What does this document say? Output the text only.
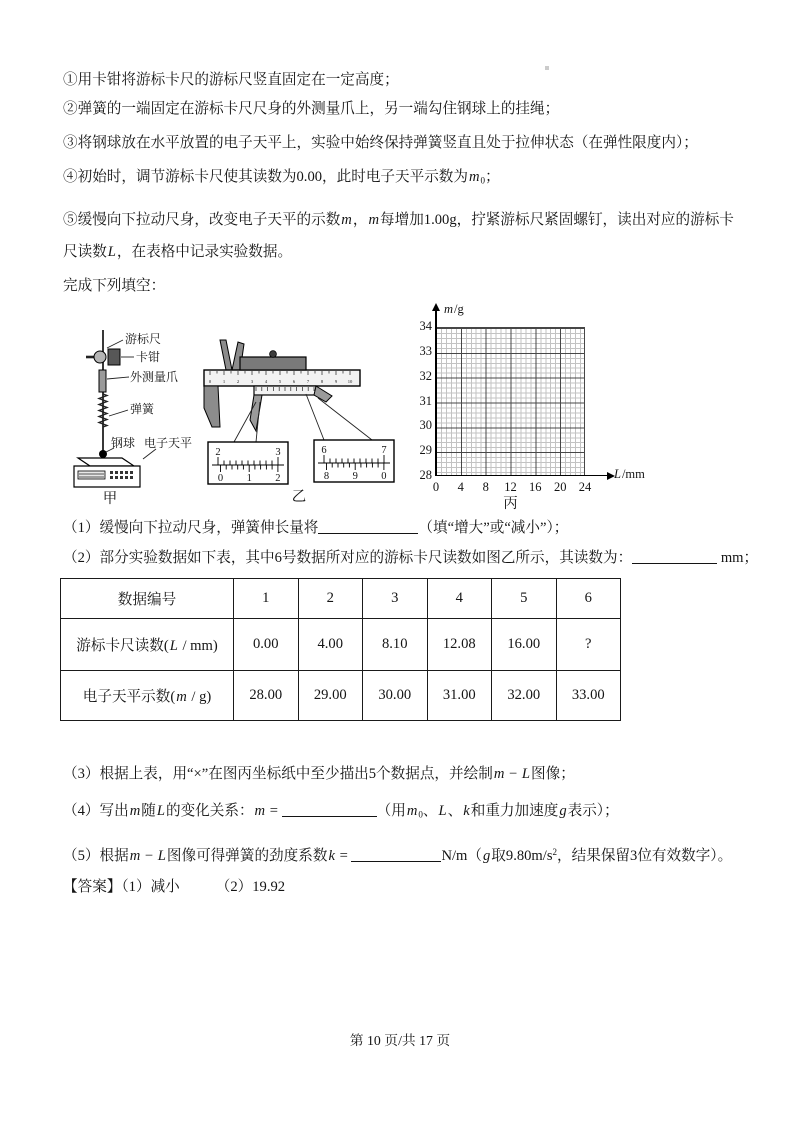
①用卡钳将游标卡尺的游标尺竖直固定在一定高度；
②弹簧的一端固定在游标卡尺尺身的外测量爪上，另一端勾住钢球上的挂绳；
③将钢球放在水平放置的电子天平上，实验中始终保持弹簧竖直且处于拉伸状态（在弹性限度内）；
④初始时，调节游标卡尺使其读数为0.00，此时电子天平示数为$m_0$；
⑤缓慢向下拉动尺身，改变电子天平的示数m，m每增加1.00g，拧紧游标尺紧固螺钉，读出对应的游标卡
尺读数L，在表格中记录实验数据。
完成下列填空：
游标尺
卡钳
外测量爪
弹簧
钢球 电子天平
甲
0	1	2	3	4	5	6	7	8	9 10
2	3
0 1 2
6	7
8 9 0
乙
m/g
L/mm
34
33
32
31
30
29
28
0	4	8	12 16 20 24
丙
（1）缓慢向下拉动尺身，弹簧伸长量将	（填“增大”或“减小”）；
（2）部分实验数据如下表，其中6号数据所对应的游标卡尺读数如图乙所示，其读数为：	mm；
数据编号	1	2	3	4	5	6
游标卡尺读数(L / mm)	0.00	4.00	8.10	12.08	16.00	?
电子天平示数(m / g)	28.00	29.00	30.00	31.00	32.00	33.00
（3）根据上表，用“×”在图丙坐标纸中至少描出5个数据点，并绘制m − L图像；
（4）写出m随L的变化关系：m =	（用$m_0$、L、k和重力加速度g表示）；
（5）根据m − L图像可得弹簧的劲度系数k =	N/m（g取$9.80m/s^2$，结果保留3位有效数字）。
【答案】（1）减小 （2）19.92
第 10 页/共 17 页
